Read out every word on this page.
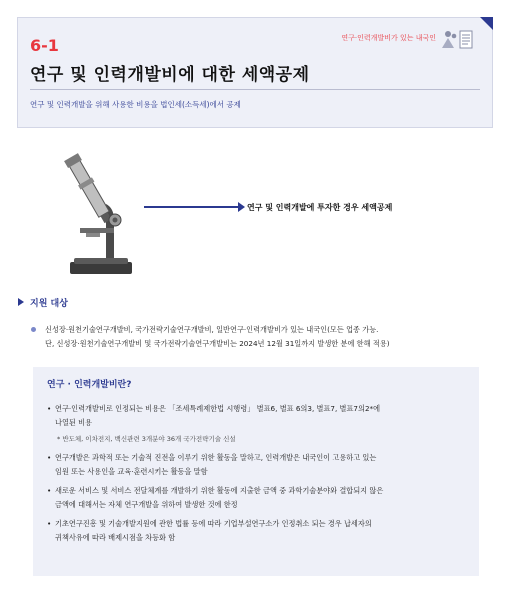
6-1	연구·인력개발비가 있는 내국인
연구 및 인력개발비에 대한 세액공제
연구 및 인력개발을 위해 사용한 비용을 법인세(소득세)에서 공제
연구 및 인력개발에 투자한 경우 세액공제
지원 대상
신성장·원천기술연구개발비, 국가전략기술연구개발비, 일반연구·인력개발비가 있는 내국인(모든 업종 가능.
단, 신성장·원천기술연구개발비 및 국가전략기술연구개발비는 2024년 12월 31일까지 발생한 분에 한해 적용)
연구 · 인력개발비란?
• 연구·인력개발비로 인정되는 비용은 「조세특례제한법 시행령」 별표6, 별표 6의3, 별표7, 별표7의2*에
나열된 비용
* 반도체, 이차전지, 백신관련 3개분야 36개 국가전략기술 신설
• 연구개발은 과학적 또는 기술적 진전을 이루기 위한 활동을 말하고, 인력개발은 내국인이 고용하고 있는
임원 또는 사용인을 교육·훈련시키는 활동을 말함
• 새로운 서비스 및 서비스 전달체계를 개발하기 위한 활동에 지출한 금액 중 과학기술분야와 결합되지 않은
금액에 대해서는 자체 연구개발을 위하여 발생한 것에 한정
• 기초연구진흥 및 기술개발지원에 관한 법률 등에 따라 기업부설연구소가 인정취소 되는 경우 납세자의
귀책사유에 따라 배제시점을 차등화 함
